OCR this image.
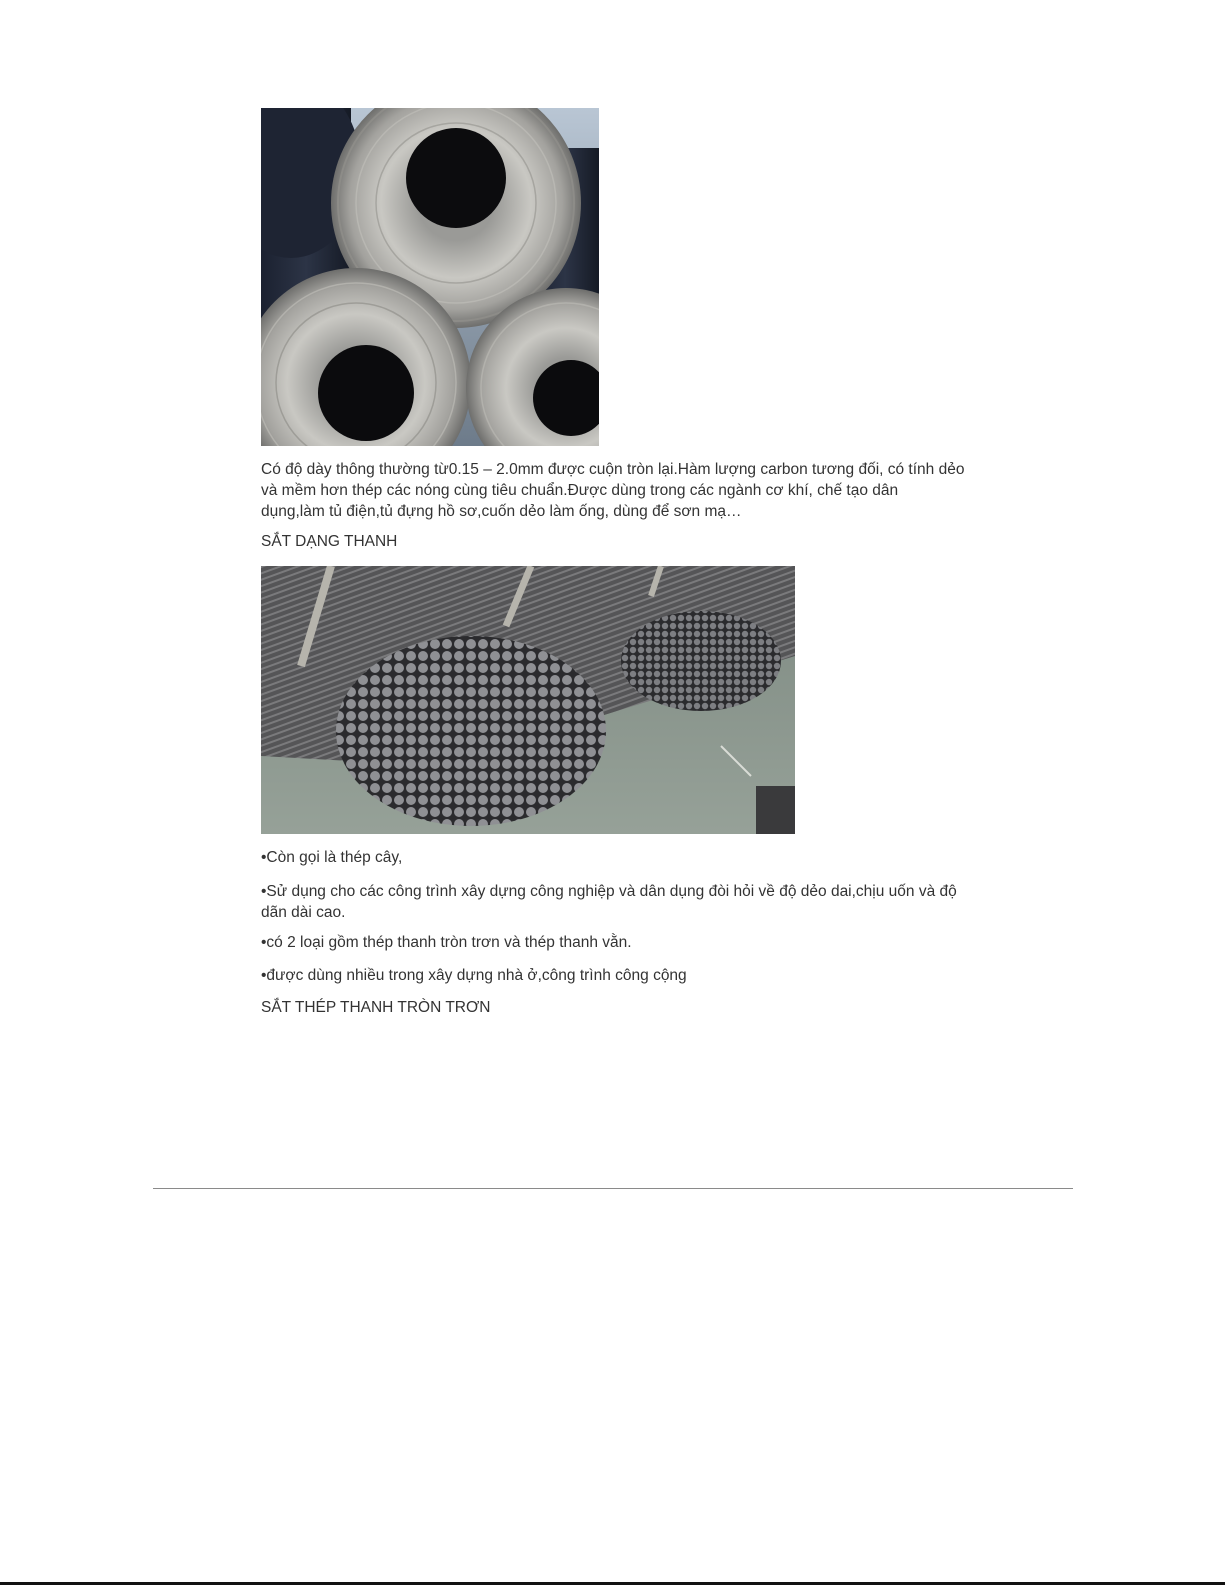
Có độ dày thông thường từ0.15 – 2.0mm được cuộn tròn lại.Hàm lượng carbon tương đối, có tính dẻo và mềm hơn thép các nóng cùng tiêu chuẩn.Được dùng trong các ngành cơ khí, chế tạo dân dụng,làm tủ điện,tủ đựng hồ sơ,cuốn dẻo làm ống, dùng để sơn mạ…

SẮT DẠNG THANH

•Còn gọi là thép cây,

•Sử dụng cho các công trình xây dựng công nghiệp và dân dụng đòi hỏi về độ dẻo dai,chịu uốn và độ dãn dài cao.

•có 2 loại gồm thép thanh tròn trơn và thép thanh vằn.

•được dùng nhiều trong xây dựng nhà ở,công trình công cộng

SẮT THÉP THANH TRÒN TRƠN
